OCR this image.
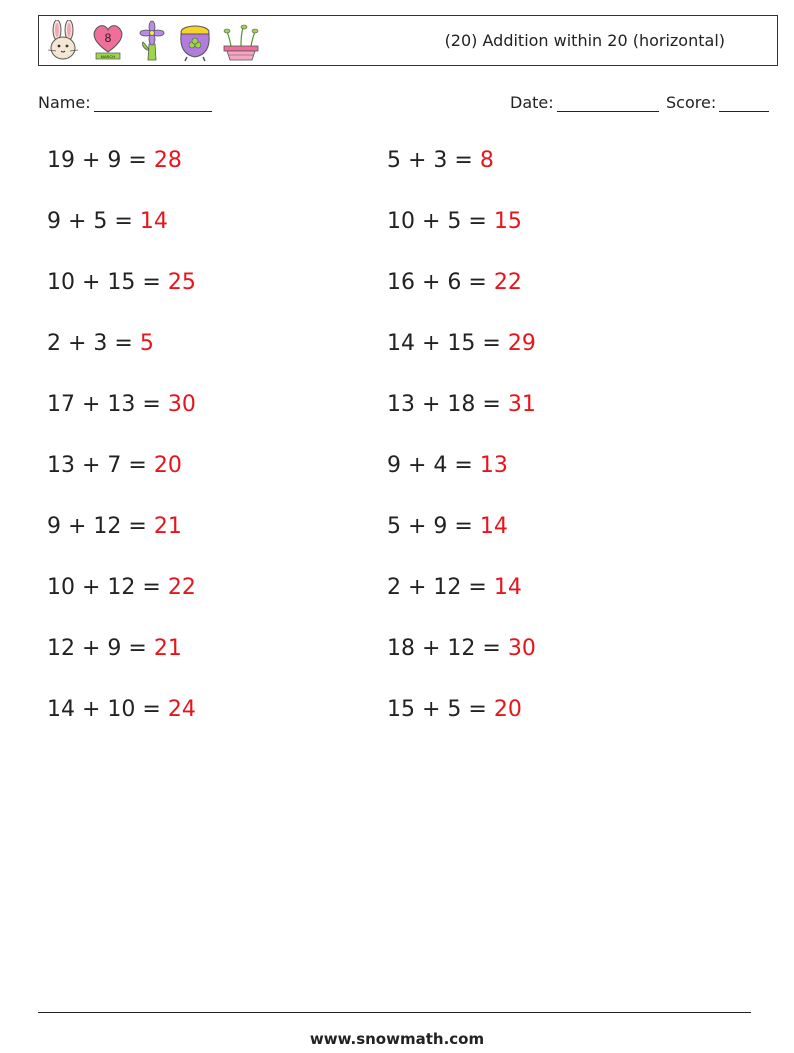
8
MARCH
(20) Addition within 20 (horizontal)
Name:	Date:	Score:
19 + 9 = 28	5 + 3 = 8
9 + 5 = 14	10 + 5 = 15
10 + 15 = 25	16 + 6 = 22
2 + 3 = 5	14 + 15 = 29
17 + 13 = 30	13 + 18 = 31
13 + 7 = 20	9 + 4 = 13
9 + 12 = 21	5 + 9 = 14
10 + 12 = 22	2 + 12 = 14
12 + 9 = 21	18 + 12 = 30
14 + 10 = 24	15 + 5 = 20
www.snowmath.com
